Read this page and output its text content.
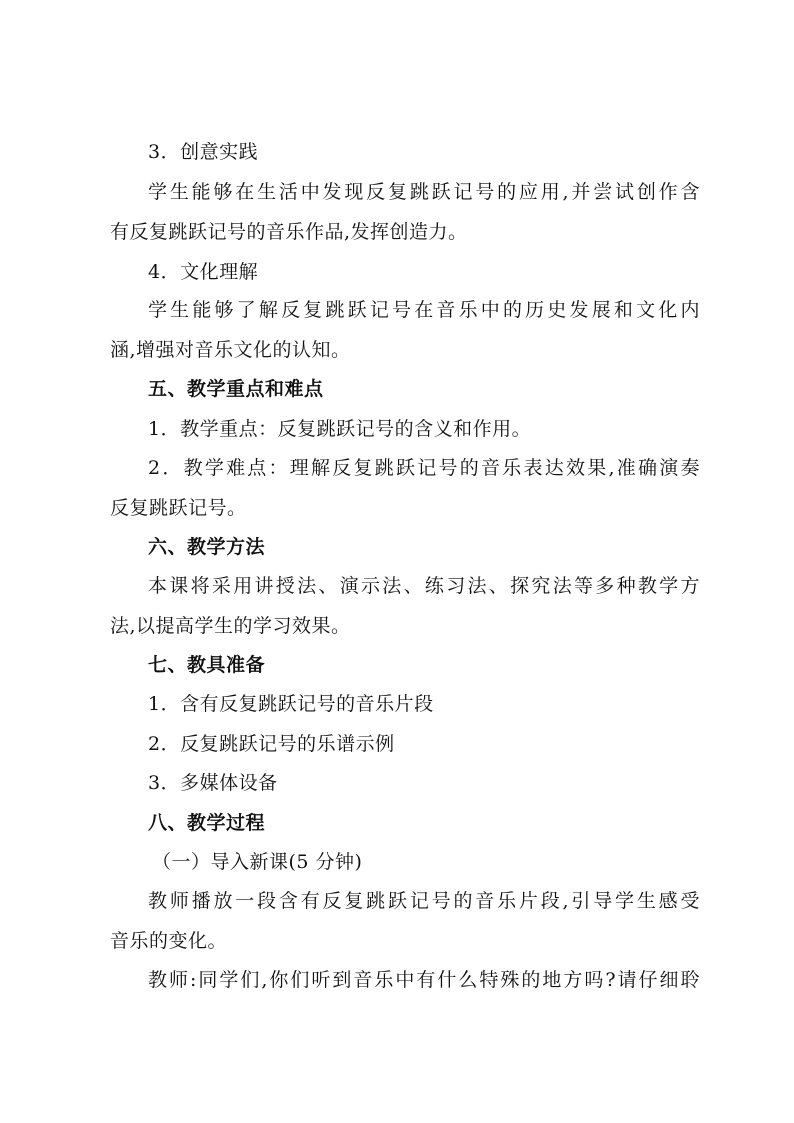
3．创意实践
学生能够在生活中发现反复跳跃记号的应用,并尝试创作含
有反复跳跃记号的音乐作品,发挥创造力。
4．文化理解
学生能够了解反复跳跃记号在音乐中的历史发展和文化内
涵,增强对音乐文化的认知。
五、教学重点和难点
1．教学重点：反复跳跃记号的含义和作用。
2．教学难点：理解反复跳跃记号的音乐表达效果,准确演奏
反复跳跃记号。
六、教学方法
本课将采用讲授法、演示法、练习法、探究法等多种教学方
法,以提高学生的学习效果。
七、教具准备
1．含有反复跳跃记号的音乐片段
2．反复跳跃记号的乐谱示例
3．多媒体设备
八、教学过程
（一）导入新课(5 分钟)
教师播放一段含有反复跳跃记号的音乐片段,引导学生感受
音乐的变化。
教师:同学们,你们听到音乐中有什么特殊的地方吗?请仔细聆
